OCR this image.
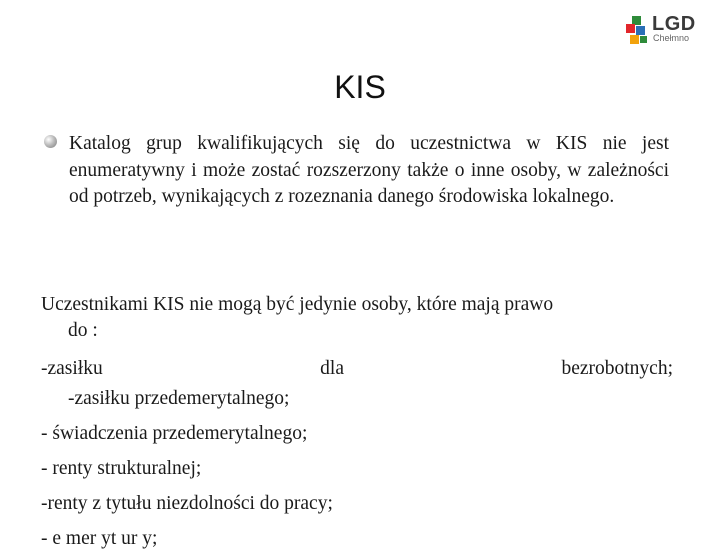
LGD
Chełmno
KIS
Katalog grup kwalifikujących się do uczestnictwa w KIS nie jest enumeratywny i może zostać rozszerzony także o inne osoby, w zależności od potrzeb, wynikających z rozeznania danego środowiska lokalnego.
Uczestnikami KIS nie mogą być jedynie osoby, które mają prawo
do :
-zasiłku	dla	bezrobotnych;
-zasiłku przedemerytalnego;
- świadczenia przedemerytalnego;
- renty strukturalnej;
-renty z tytułu niezdolności do pracy;
- e mer yt ur y;
